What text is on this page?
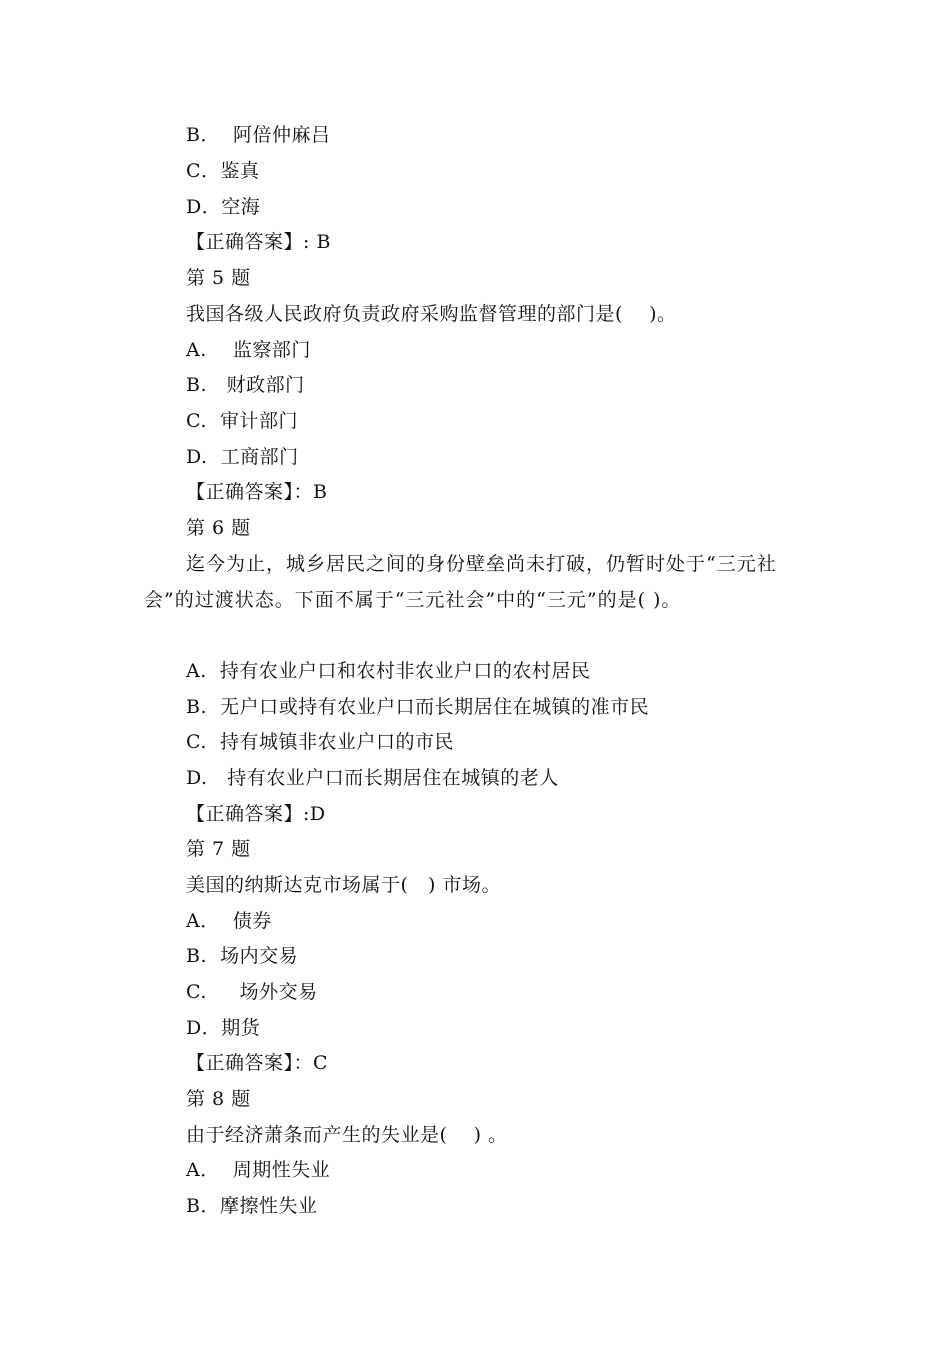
B．  阿倍仲麻吕
C．鉴真
D．空海
【正确答案】: B
第 5 题
我国各级人民政府负责政府采购监督管理的部门是(    )。
A.    监察部门
B.   财政部门
C.  审计部门
D.  工商部门
【正确答案】：B
第 6 题
迄今为止，城乡居民之间的身份壁垒尚未打破，仍暂时处于“三元社会”的过渡状态。下面不属于“三元社会”中的“三元”的是( )。
A.  持有农业户口和农村非农业户口的农村居民
B.  无户口或持有农业户口而长期居住在城镇的准市民
C.  持有城镇非农业户口的市民
D.   持有农业户口而长期居住在城镇的老人
【正确答案】:D
第 7 题
美国的纳斯达克市场属于(   ) 市场。
A．  债券
B.  场内交易
C.     场外交易
D．期货
【正确答案】：C
第 8 题
由于经济萧条而产生的失业是(    ) 。
A．  周期性失业
B．摩擦性失业
